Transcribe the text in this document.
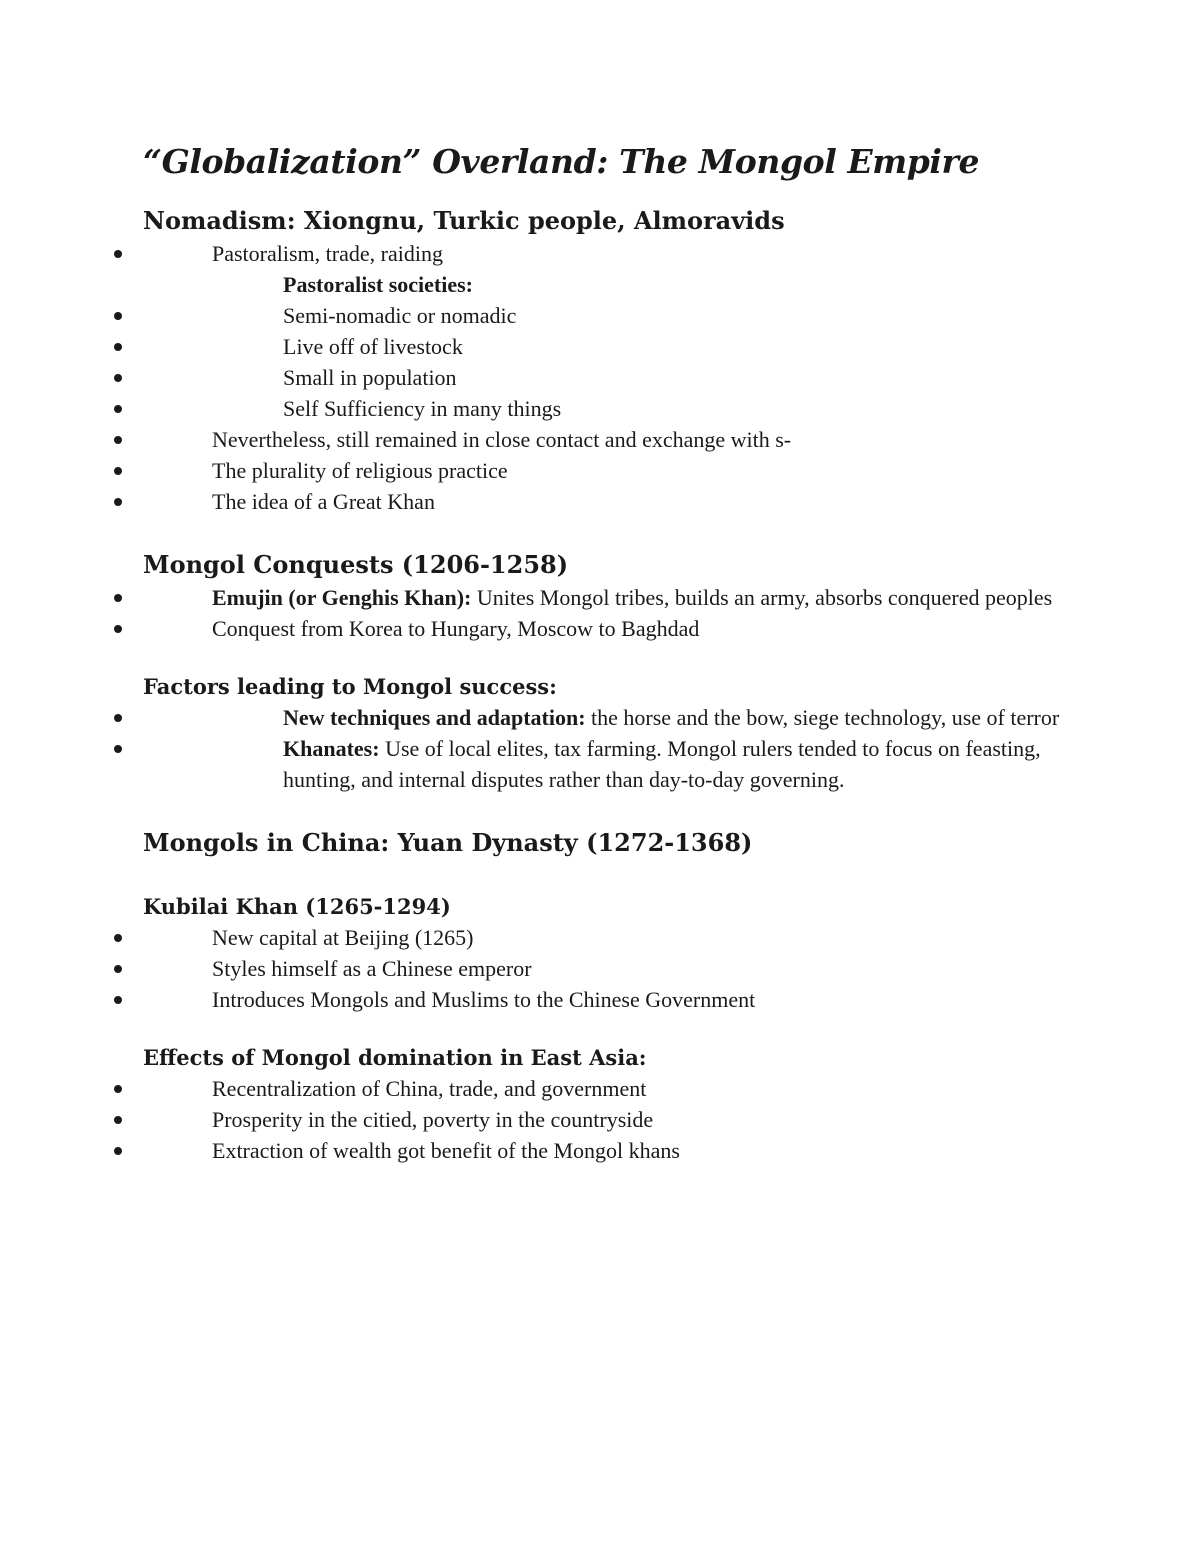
“Globalization” Overland: The Mongol Empire
Nomadism: Xiongnu, Turkic people, Almoravids
Pastoralism, trade, raiding
Pastoralist societies:
Semi-nomadic or nomadic
Live off of livestock
Small in population
Self Sufficiency in many things
Nevertheless, still remained in close contact and exchange with s-
The plurality of religious practice
The idea of a Great Khan
Mongol Conquests (1206-1258)
Emujin (or Genghis Khan): Unites Mongol tribes, builds an army, absorbs conquered peoples
Conquest from Korea to Hungary, Moscow to Baghdad
Factors leading to Mongol success:
New techniques and adaptation: the horse and the bow, siege technology, use of terror
Khanates: Use of local elites, tax farming. Mongol rulers tended to focus on feasting, hunting, and internal disputes rather than day-to-day governing.
Mongols in China: Yuan Dynasty (1272-1368)
Kubilai Khan (1265-1294)
New capital at Beijing (1265)
Styles himself as a Chinese emperor
Introduces Mongols and Muslims to the Chinese Government
Effects of Mongol domination in East Asia:
Recentralization of China, trade, and government
Prosperity in the citied, poverty in the countryside
Extraction of wealth got benefit of the Mongol khans
